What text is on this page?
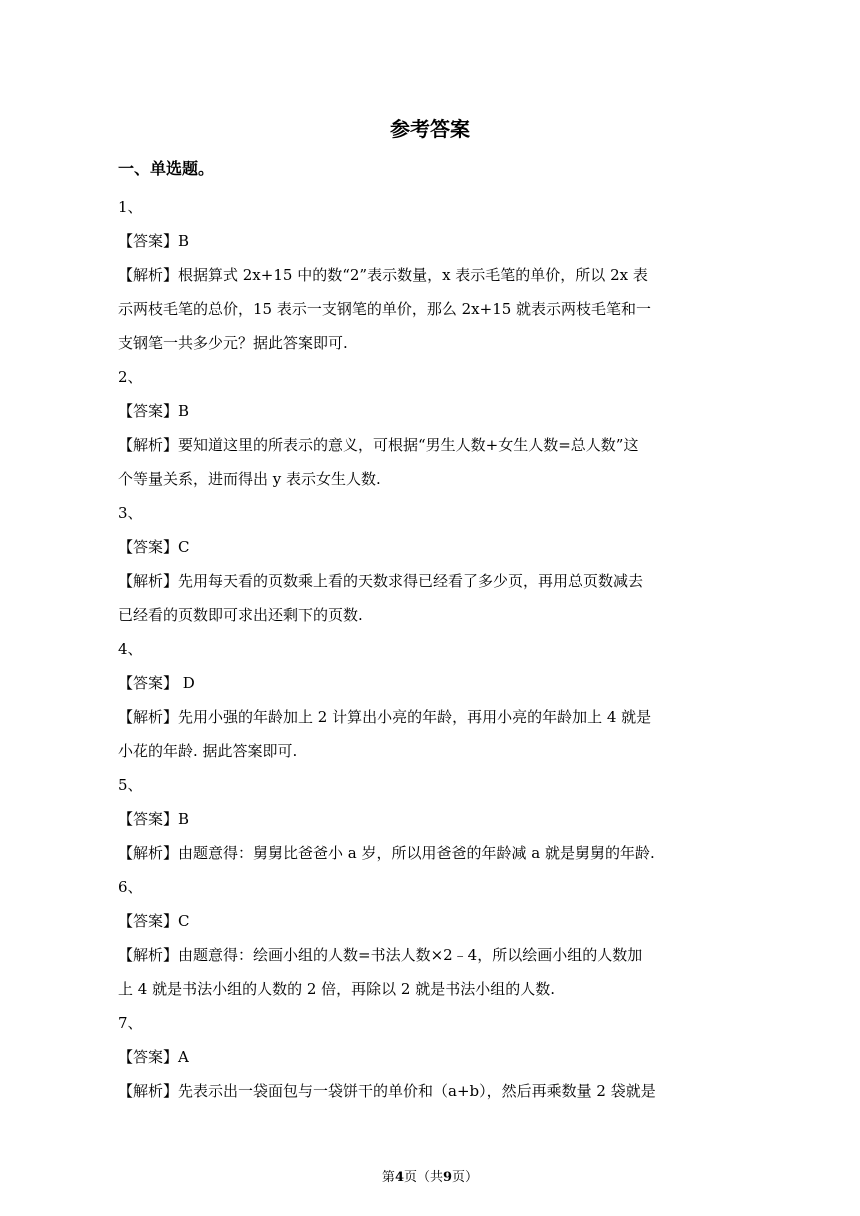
参考答案
一、单选题。
1、
【答案】B
【解析】根据算式 2x+15 中的数“2”表示数量，x 表示毛笔的单价，所以 2x 表
示两枝毛笔的总价，15 表示一支钢笔的单价，那么 2x+15 就表示两枝毛笔和一
支钢笔一共多少元？据此答案即可.
2、
【答案】B
【解析】要知道这里的所表示的意义，可根据“男生人数+女生人数=总人数”这
个等量关系，进而得出 y 表示女生人数.
3、
【答案】C
【解析】先用每天看的页数乘上看的天数求得已经看了多少页，再用总页数减去
已经看的页数即可求出还剩下的页数.
4、
【答案】 D
【解析】先用小强的年龄加上 2 计算出小亮的年龄，再用小亮的年龄加上 4 就是
小花的年龄. 据此答案即可.
5、
【答案】B
【解析】由题意得：舅舅比爸爸小 a 岁，所以用爸爸的年龄减 a 就是舅舅的年龄.
6、
【答案】C
【解析】由题意得：绘画小组的人数=书法人数×2﹣4，所以绘画小组的人数加
上 4 就是书法小组的人数的 2 倍，再除以 2 就是书法小组的人数.
7、
【答案】A
【解析】先表示出一袋面包与一袋饼干的单价和（a+b），然后再乘数量 2 袋就是
第4页（共9页）
